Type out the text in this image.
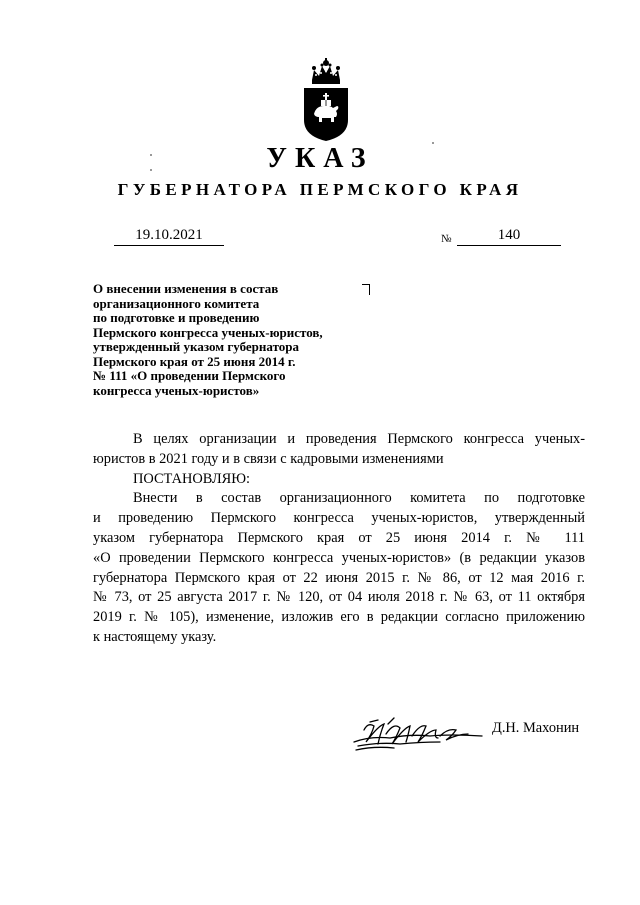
УКАЗ
ГУБЕРНАТОРА ПЕРМСКОГО КРАЯ
19.10.2021	№	140
О внесении изменения в состав
организационного комитета
по подготовке и проведению
Пермского конгресса ученых-юристов,
утвержденный указом губернатора
Пермского края от 25 июня 2014 г.
№ 111 «О проведении Пермского
конгресса ученых-юристов»
В целях организации и проведения Пермского конгресса ученых-
юристов в 2021 году и в связи с кадровыми изменениями
ПОСТАНОВЛЯЮ:
Внести в состав организационного комитета по подготовке
и проведению Пермского конгресса ученых-юристов, утвержденный
указом губернатора Пермского края от 25 июня 2014 г. № 111
«О проведении Пермского конгресса ученых-юристов» (в редакции указов
губернатора Пермского края от 22 июня 2015 г. № 86, от 12 мая 2016 г.
№ 73, от 25 августа 2017 г. № 120, от 04 июля 2018 г. № 63, от 11 октября
2019 г. № 105), изменение, изложив его в редакции согласно приложению
к настоящему указу.
Д.Н. Махонин
